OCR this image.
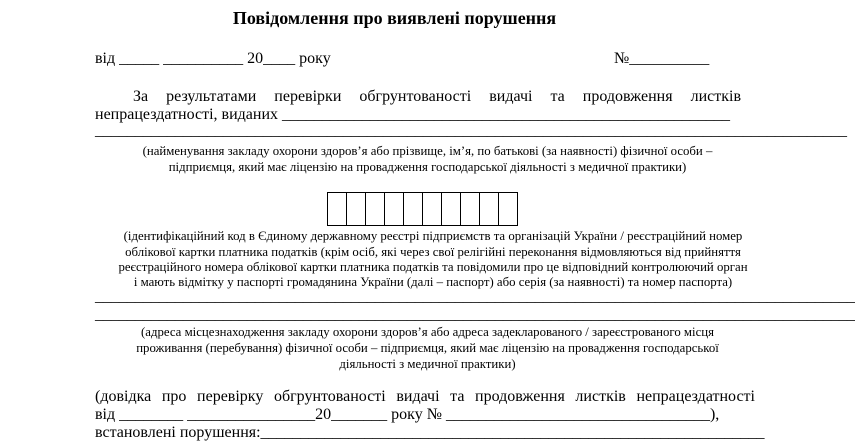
Повідомлення про виявлені порушення
від _____ __________ 20____ року	№__________
За результатами перевірки обгрунтованості видачі та продовження листків
непрацездатності, виданих ________________________________________________________
______________________________________________________________________________________________
(найменування закладу охорони здоров’я або прізвище, ім’я, по батькові (за наявності) фізичної особи –
підприємця, який має ліцензію на провадження господарської діяльності з медичної практики)
(ідентифікаційний код в Єдиному державному реєстрі підприємств та організацій України / реєстраційний номер
облікової картки платника податків (крім осіб, які через свої релігійні переконання відмовляються від прийняття
реєстраційного номера облікової картки платника податків та повідомили про це відповідний контролюючий орган
і мають відмітку у паспорті громадянина України (далі – паспорт) або серія (за наявності) та номер паспорта)
_______________________________________________________________________________________________
_______________________________________________________________________________________________
(адреса місцезнаходження закладу охорони здоров’я або адреса задекларованого / зареєстрованого місця
проживання (перебування) фізичної особи – підприємця, який має ліцензію на провадження господарської
діяльності з медичної практики)
(довідка про перевірку обгрунтованості видачі та продовження листків непрацездатності
від ________ ________________20_______ року № _________________________________),
встановлені порушення:_______________________________________________________________
